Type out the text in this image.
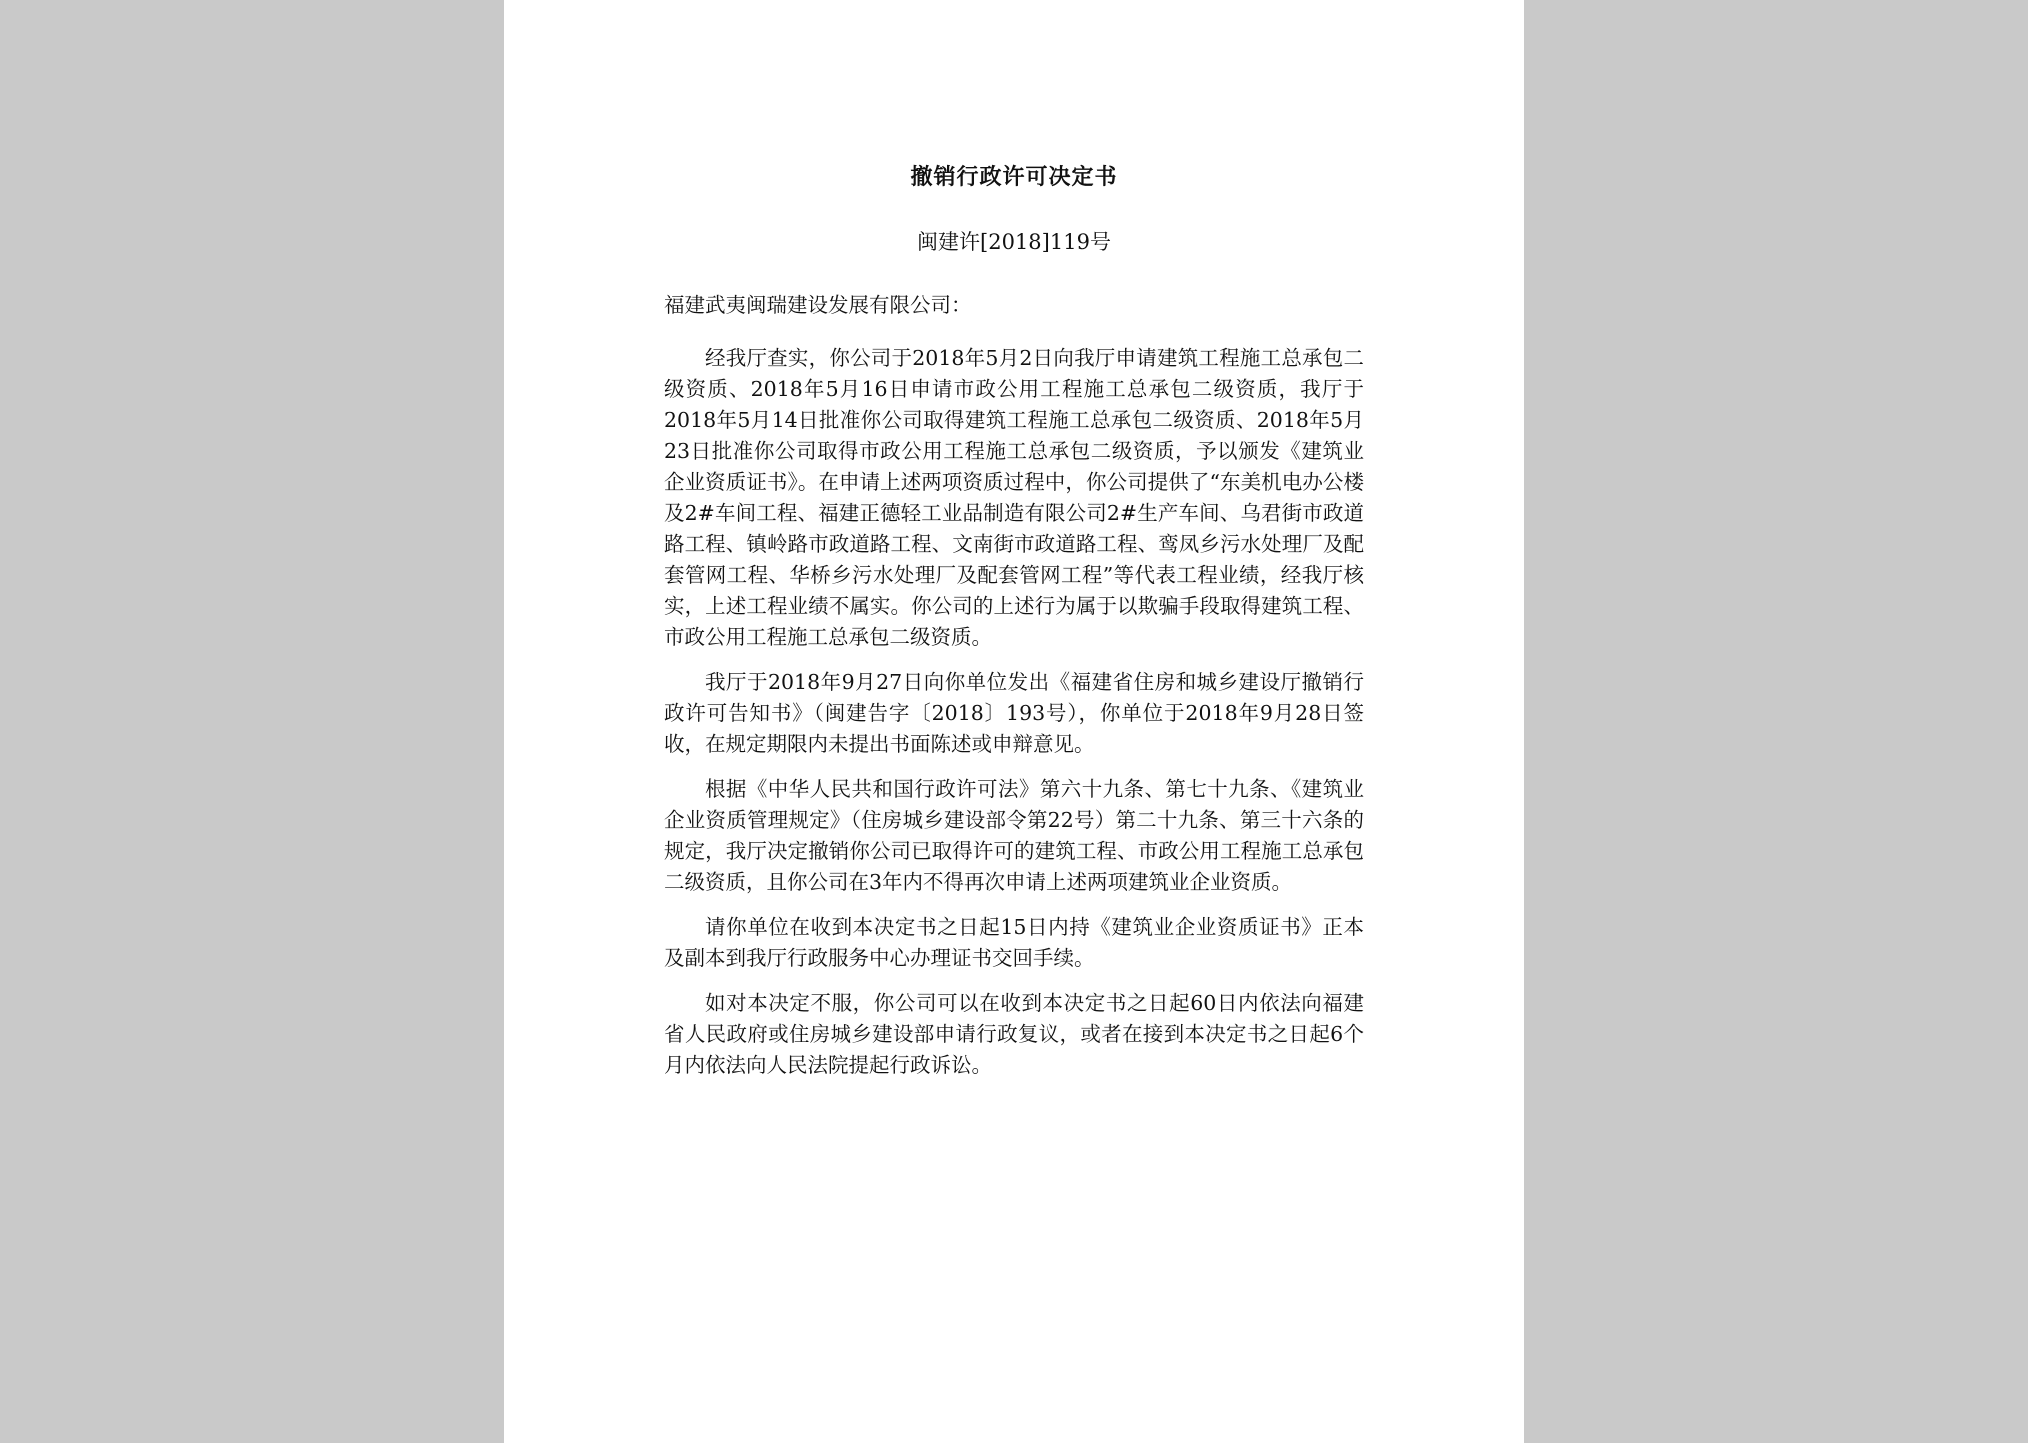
撤销行政许可决定书
闽建许[2018]119号

福建武夷闽瑞建设发展有限公司：

经我厅查实，你公司于2018年5月2日向我厅申请建筑工程施工总承包二级资质、2018年5月16日申请市政公用工程施工总承包二级资质，我厅于2018年5月14日批准你公司取得建筑工程施工总承包二级资质、2018年5月23日批准你公司取得市政公用工程施工总承包二级资质，予以颁发《建筑业企业资质证书》。在申请上述两项资质过程中，你公司提供了“东美机电办公楼及2#车间工程、福建正德轻工业品制造有限公司2#生产车间、乌君街市政道路工程、镇岭路市政道路工程、文南街市政道路工程、鸾凤乡污水处理厂及配套管网工程、华桥乡污水处理厂及配套管网工程”等代表工程业绩，经我厅核实，上述工程业绩不属实。你公司的上述行为属于以欺骗手段取得建筑工程、市政公用工程施工总承包二级资质。

我厅于2018年9月27日向你单位发出《福建省住房和城乡建设厅撤销行政许可告知书》（闽建告字〔2018〕193号），你单位于2018年9月28日签收，在规定期限内未提出书面陈述或申辩意见。

根据《中华人民共和国行政许可法》第六十九条、第七十九条、《建筑业企业资质管理规定》（住房城乡建设部令第22号）第二十九条、第三十六条的规定，我厅决定撤销你公司已取得许可的建筑工程、市政公用工程施工总承包二级资质，且你公司在3年内不得再次申请上述两项建筑业企业资质。

请你单位在收到本决定书之日起15日内持《建筑业企业资质证书》正本及副本到我厅行政服务中心办理证书交回手续。

如对本决定不服，你公司可以在收到本决定书之日起60日内依法向福建省人民政府或住房城乡建设部申请行政复议，或者在接到本决定书之日起6个月内依法向人民法院提起行政诉讼。
